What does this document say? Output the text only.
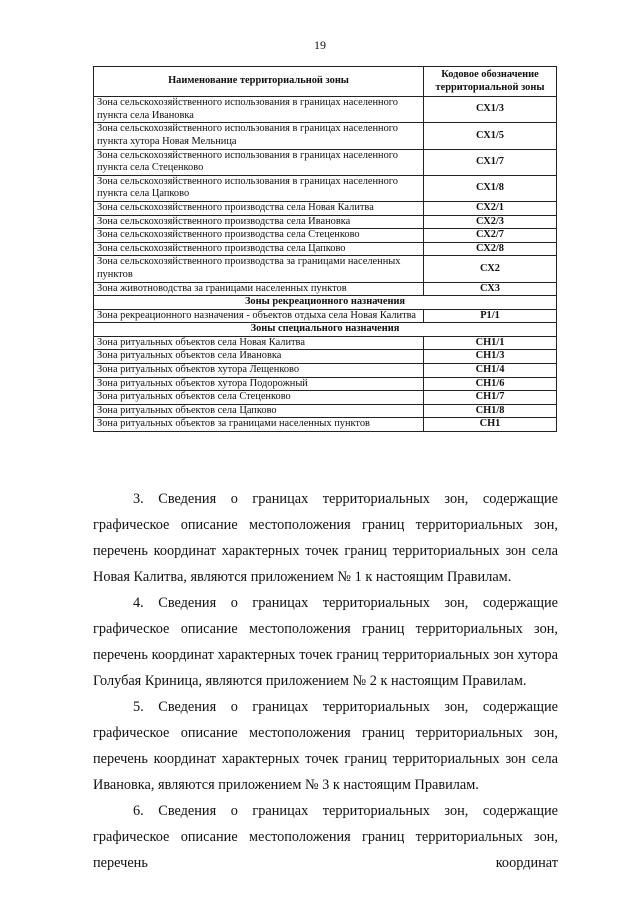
19
Наименование территориальной зоны	Кодовое обозначение территориальной зоны
Зона сельскохозяйственного использования в границах населенного пункта села Ивановка	СХ1/3
Зона сельскохозяйственного использования в границах населенного пункта хутора Новая Мельница	СХ1/5
Зона сельскохозяйственного использования в границах населенного пункта села Стеценково	СХ1/7
Зона сельскохозяйственного использования в границах населенного пункта села Цапково	СХ1/8
Зона сельскохозяйственного производства села Новая Калитва	СХ2/1
Зона сельскохозяйственного производства села Ивановка	СХ2/3
Зона сельскохозяйственного производства села Стеценково	СХ2/7
Зона сельскохозяйственного производства села Цапково	СХ2/8
Зона сельскохозяйственного производства за границами населенных пунктов	СХ2
Зона животноводства за границами населенных пунктов	СХ3
Зоны рекреационного назначения	
Зона рекреационного назначения - объектов отдыха села Новая Калитва	Р1/1
Зоны специального назначения	
Зона ритуальных объектов села Новая Калитва	СН1/1
Зона ритуальных объектов села Ивановка	СН1/3
Зона ритуальных объектов хутора Лещенково	СН1/4
Зона ритуальных объектов хутора Подорожный	СН1/6
Зона ритуальных объектов села Стеценково	СН1/7
Зона ритуальных объектов села Цапково	СН1/8
Зона ритуальных объектов за границами населенных пунктов	СН1

3. Сведения о границах территориальных зон, содержащие графическое описание местоположения границ территориальных зон, перечень координат характерных точек границ территориальных зон села Новая Калитва, являются приложением № 1 к настоящим Правилам.

4. Сведения о границах территориальных зон, содержащие графическое описание местоположения границ территориальных зон, перечень координат характерных точек границ территориальных зон хутора Голубая Криница, являются приложением № 2 к настоящим Правилам.

5. Сведения о границах территориальных зон, содержащие графическое описание местоположения границ территориальных зон, перечень координат характерных точек границ территориальных зон села Ивановка, являются приложением № 3 к настоящим Правилам.

6. Сведения о границах территориальных зон, содержащие графическое описание местоположения границ территориальных зон, перечень координат
